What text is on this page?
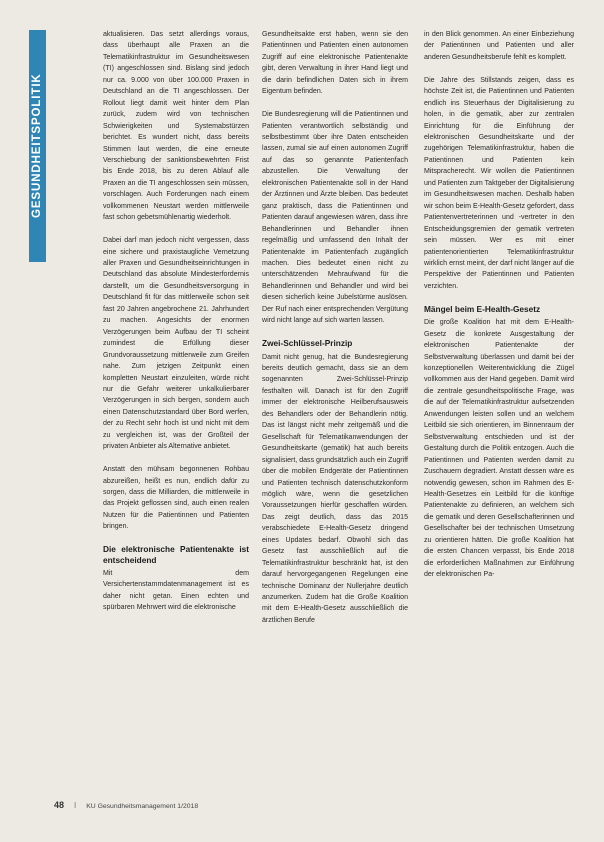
GESUNDHEITSPOLITIK

aktualisieren. Das setzt allerdings voraus, dass überhaupt alle Praxen an die Telematikinfrastruktur im Gesundheitswesen (TI) angeschlossen sind. Bislang sind jedoch nur ca. 9.000 von über 100.000 Praxen in Deutschland an die TI angeschlossen. Der Rollout liegt damit weit hinter dem Plan zurück, zudem wird von technischen Schwierigkeiten und Systemabstürzen berichtet. Es wundert nicht, dass bereits Stimmen laut werden, die eine erneute Verschiebung der sanktionsbewehrten Frist bis Ende 2018, bis zu deren Ablauf alle Praxen an die TI angeschlossen sein müssen, vorschlagen. Auch Forderungen nach einem vollkommenen Neustart werden mittlerweile fast schon gebetsmühlenartig wiederholt.

Dabei darf man jedoch nicht vergessen, dass eine sichere und praxistaugliche Vernetzung aller Praxen und Gesundheitseinrichtungen in Deutschland das absolute Mindesterfordernis darstellt, um die Gesundheitsversorgung in Deutschland fit für das mittlerweile schon seit fast 20 Jahren angebrochene 21. Jahrhundert zu machen. Angesichts der enormen Verzögerungen beim Aufbau der TI scheint zumindest die Erfüllung dieser Grundvoraussetzung mittlerweile zum Greifen nahe. Zum jetzigen Zeitpunkt einen kompletten Neustart einzuleiten, würde nicht nur die Gefahr weiterer unkalkulierbarer Verzögerungen in sich bergen, sondern auch einen Datenschutzstandard über Bord werfen, der zu Recht sehr hoch ist und nicht mit dem zu vergleichen ist, was der Großteil der privaten Anbieter als Alternative anbietet.

Anstatt den mühsam begonnenen Rohbau abzureißen, heißt es nun, endlich dafür zu sorgen, dass die Milliarden, die mittlerweile in das Projekt geflossen sind, auch einen realen Nutzen für die Patientinnen und Patienten bringen.

Die elektronische Patientenakte ist entscheidend

Mit dem Versichertenstammdatenmanagement ist es daher nicht getan. Einen echten und spürbaren Mehrwert wird die elektronische

Gesundheitsakte erst haben, wenn sie den Patientinnen und Patienten einen autonomen Zugriff auf eine elektronische Patientenakte gibt, deren Verwaltung in ihrer Hand liegt und die darin befindlichen Daten sich in ihrem Eigentum befinden.

Die Bundesregierung will die Patientinnen und Patienten verantwortlich selbständig und selbstbestimmt über ihre Daten entscheiden lassen, zumal sie auf einen autonomen Zugriff auf das so genannte Patientenfach abzustellen. Die Verwaltung der elektronischen Patientenakte soll in der Hand der Ärztinnen und Ärzte bleiben. Das bedeutet ganz praktisch, dass die Patientinnen und Patienten darauf angewiesen wären, dass ihre Behandlerinnen und Behandler ihnen regelmäßig und umfassend den Inhalt der Patientenakte im Patientenfach zugänglich machen. Dies bedeutet einen nicht zu unterschätzenden Mehraufwand für die Behandlerinnen und Behandler und wird bei diesen sicherlich keine Jubelstürme auslösen. Der Ruf nach einer entsprechenden Vergütung wird nicht lange auf sich warten lassen.

Zwei-Schlüssel-Prinzip

Damit nicht genug, hat die Bundesregierung bereits deutlich gemacht, dass sie an dem sogenannten Zwei-Schlüssel-Prinzip festhalten will. Danach ist für den Zugriff immer der elektronische Heilberufsausweis des Behandlers oder der Behandlerin nötig. Das ist längst nicht mehr zeitgemäß und die Gesellschaft für Telematikanwendungen der Gesundheitskarte (gematik) hat auch bereits signalisiert, dass grundsätzlich auch ein Zugriff über die mobilen Endgeräte der Patientinnen und Patienten technisch datenschutzkonform möglich wäre, wenn die gesetzlichen Voraussetzungen hierfür geschaffen würden. Das zeigt deutlich, dass das 2015 verabschiedete E-Health-Gesetz dringend eines Updates bedarf. Obwohl sich das Gesetz fast ausschließlich auf die Telematikinfrastruktur beschränkt hat, ist den darauf hervorgegangenen Regelungen eine technische Dominanz der Nullerjahre deutlich anzumerken. Zudem hat die Große Koalition mit dem E-Health-Gesetz ausschließlich die ärztlichen Berufe

in den Blick genommen. An einer Einbeziehung der Patientinnen und Patienten und aller anderen Gesundheitsberufe fehlt es komplett.

Die Jahre des Stillstands zeigen, dass es höchste Zeit ist, die Patientinnen und Patienten endlich ins Steuerhaus der Digitalisierung zu holen, in die gematik, aber zur zentralen Einrichtung für die Einführung der elektronischen Gesundheitskarte und der zugehörigen Telematikinfrastruktur, haben die Patientinnen und Patienten kein Mitspracherecht. Wir wollen die Patientinnen und Patienten zum Taktgeber der Digitalisierung im Gesundheitswesen machen. Deshalb haben wir schon beim E-Health-Gesetz gefordert, dass Patientenvertreterinnen und -vertreter in den Entscheidungsgremien der gematik vertreten sein müssen. Wer es mit einer patientenorientierten Telematikinfrastruktur wirklich ernst meint, der darf nicht länger auf die Perspektive der Patientinnen und Patienten verzichten.

Mängel beim E-Health-Gesetz

Die große Koalition hat mit dem E-Health-Gesetz die konkrete Ausgestaltung der elektronischen Patientenakte der Selbstverwaltung überlassen und damit bei der konzeptionellen Weiterentwicklung die Zügel vollkommen aus der Hand gegeben. Damit wird die zentrale gesundheitspolitische Frage, was die auf der Telematikinfrastruktur aufsetzenden Anwendungen leisten sollen und an welchem Leitbild sie sich orientieren, im Binnenraum der Selbstverwaltung entschieden und ist der Gestaltung durch die Politik entzogen. Auch die Patientinnen und Patienten werden damit zu Zuschauern degradiert. Anstatt dessen wäre es notwendig gewesen, schon im Rahmen des E-Health-Gesetzes ein Leitbild für die künftige Patientenakte zu definieren, an welchem sich die gematik und deren Gesellschafterinnen und Gesellschafter bei der technischen Umsetzung zu orientieren hätten. Die große Koalition hat die ersten Chancen verpasst, bis Ende 2018 die erforderlichen Maßnahmen zur Einführung der elektronischen Pa-

48 I KU Gesundheitsmanagement 1/2018
